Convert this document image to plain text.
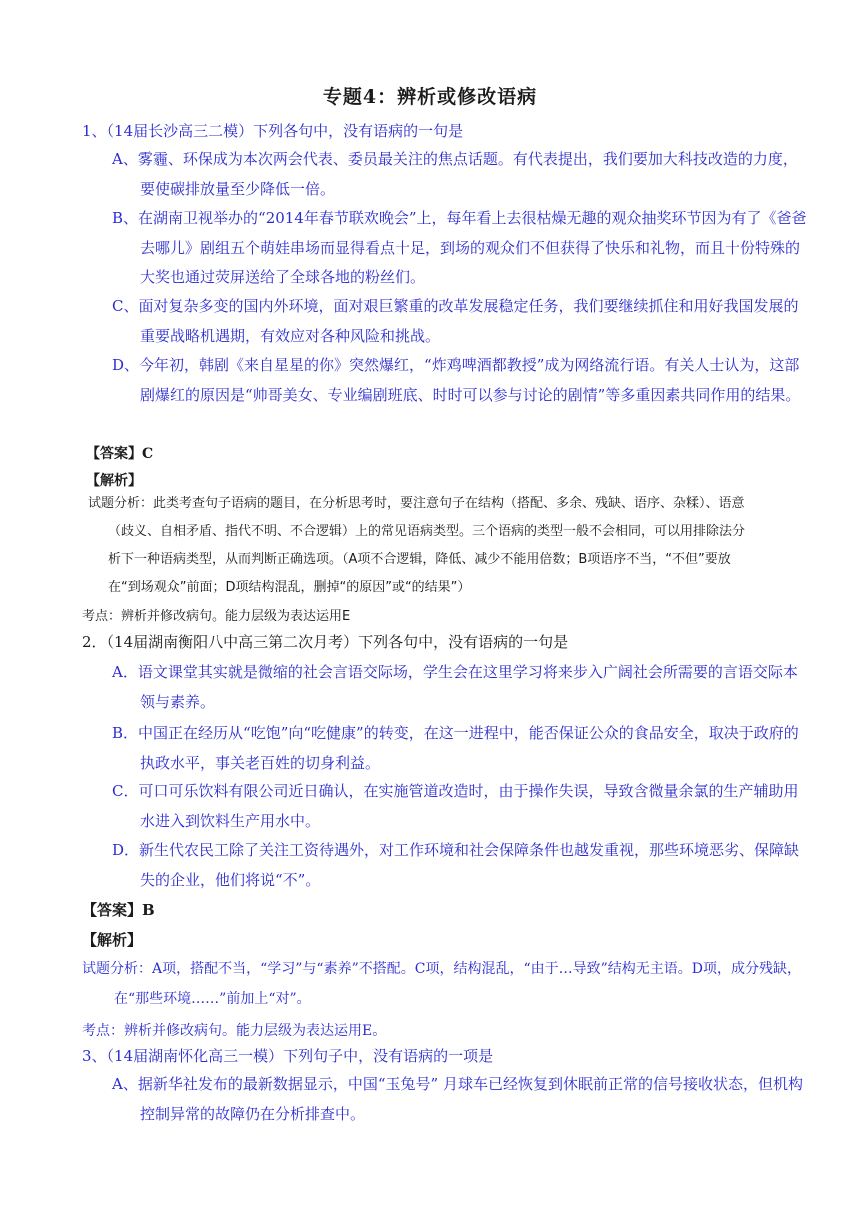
专题4：辨析或修改语病
1、（14届长沙高三二模）下列各句中，没有语病的一句是
A、雾霾、环保成为本次两会代表、委员最关注的焦点话题。有代表提出，我们要加大科技改造的力度，要使碳排放量至少降低一倍。
B、在湖南卫视举办的“2014年春节联欢晚会”上，每年看上去很枯燥无趣的观众抽奖环节因为有了《爸爸去哪儿》剧组五个萌娃串场而显得看点十足，到场的观众们不但获得了快乐和礼物，而且十份特殊的大奖也通过荧屏送给了全球各地的粉丝们。
C、面对复杂多变的国内外环境，面对艰巨繁重的改革发展稳定任务，我们要继续抓住和用好我国发展的重要战略机遇期，有效应对各种风险和挑战。
D、今年初，韩剧《来自星星的你》突然爆红，“炸鸡啤酒都教授”成为网络流行语。有关人士认为，这部剧爆红的原因是“帅哥美女、专业编剧班底、时时可以参与讨论的剧情”等多重因素共同作用的结果。
【答案】C
【解析】
试题分析：此类考查句子语病的题目，在分析思考时，要注意句子在结构（搭配、多余、残缺、语序、杂糅）、语意（歧义、自相矛盾、指代不明、不合逻辑）上的常见语病类型。三个语病的类型一般不会相同，可以用排除法分析下一种语病类型，从而判断正确选项。（A项不合逻辑，降低、减少不能用倍数；B项语序不当，“不但”要放在“到场观众”前面；D项结构混乱，删掉“的原因”或“的结果”）
考点：辨析并修改病句。能力层级为表达运用E
2．（14届湖南衡阳八中高三第二次月考）下列各句中，没有语病的一句是
A．语文课堂其实就是微缩的社会言语交际场，学生会在这里学习将来步入广阔社会所需要的言语交际本领与素养。
B．中国正在经历从“吃饱”向“吃健康”的转变，在这一进程中，能否保证公众的食品安全，取决于政府的执政水平，事关老百姓的切身利益。
C．可口可乐饮料有限公司近日确认，在实施管道改造时，由于操作失误，导致含微量余氯的生产辅助用水进入到饮料生产用水中。
D．新生代农民工除了关注工资待遇外，对工作环境和社会保障条件也越发重视，那些环境恶劣、保障缺失的企业，他们将说“不”。
【答案】B
【解析】
试题分析：A项，搭配不当，“学习”与“素养”不搭配。C项，结构混乱，“由于…导致”结构无主语。D项，成分残缺，在“那些环境……”前加上“对”。
考点：辨析并修改病句。能力层级为表达运用E。
3、（14届湖南怀化高三一模）下列句子中，没有语病的一项是
A、据新华社发布的最新数据显示，中国“玉兔号” 月球车已经恢复到休眠前正常的信号接收状态，但机构控制异常的故障仍在分析排查中。
